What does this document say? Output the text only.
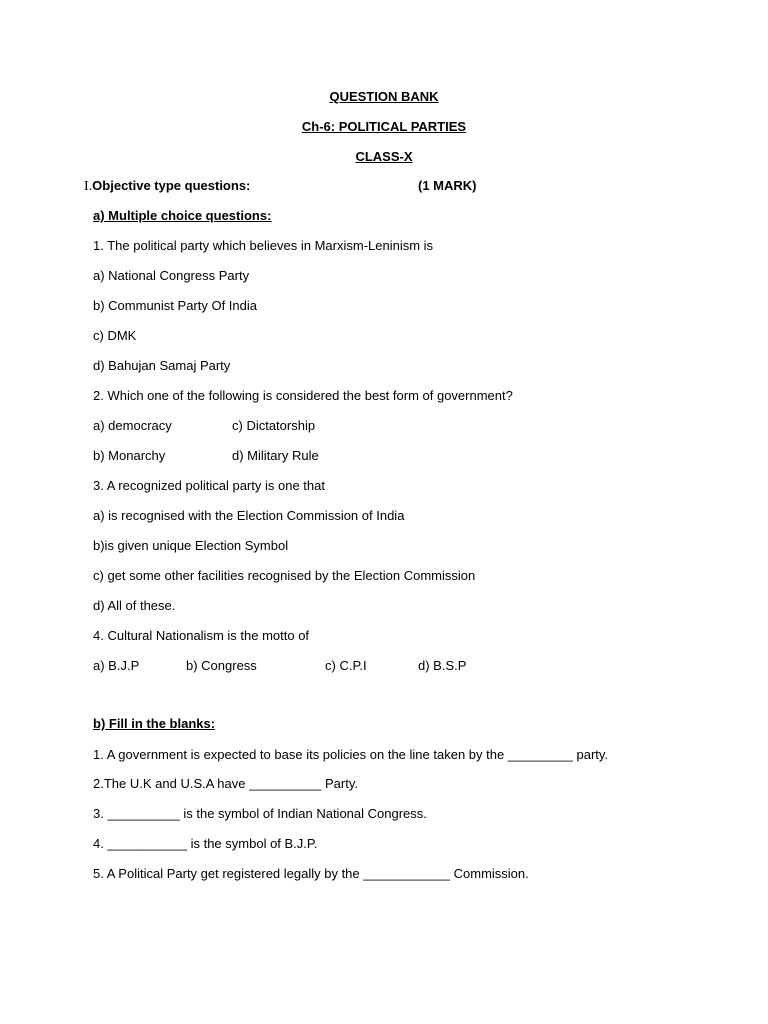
QUESTION BANK
Ch-6: POLITICAL PARTIES
CLASS-X
I.Objective type questions:	(1 MARK)
a) Multiple choice questions:
1. The political party which believes in Marxism-Leninism is
a) National Congress Party
b) Communist Party Of India
c) DMK
d) Bahujan Samaj Party
2. Which one of the following is considered the best form of government?
a) democracy	c) Dictatorship
b) Monarchy	d) Military Rule
3. A recognized political party is one that
a) is recognised with the Election Commission of India
b)is given unique Election Symbol
c) get some other facilities recognised by the Election Commission
d) All of these.
4. Cultural Nationalism is the motto of
a) B.J.P	b) Congress	c) C.P.I	d) B.S.P
b) Fill in the blanks:
1. A government is expected to base its policies on the line taken by the _________ party.
2.The U.K and U.S.A have __________ Party.
3. __________ is the symbol of Indian National Congress.
4. ___________ is the symbol of B.J.P.
5. A Political Party get registered legally by the ____________ Commission.
